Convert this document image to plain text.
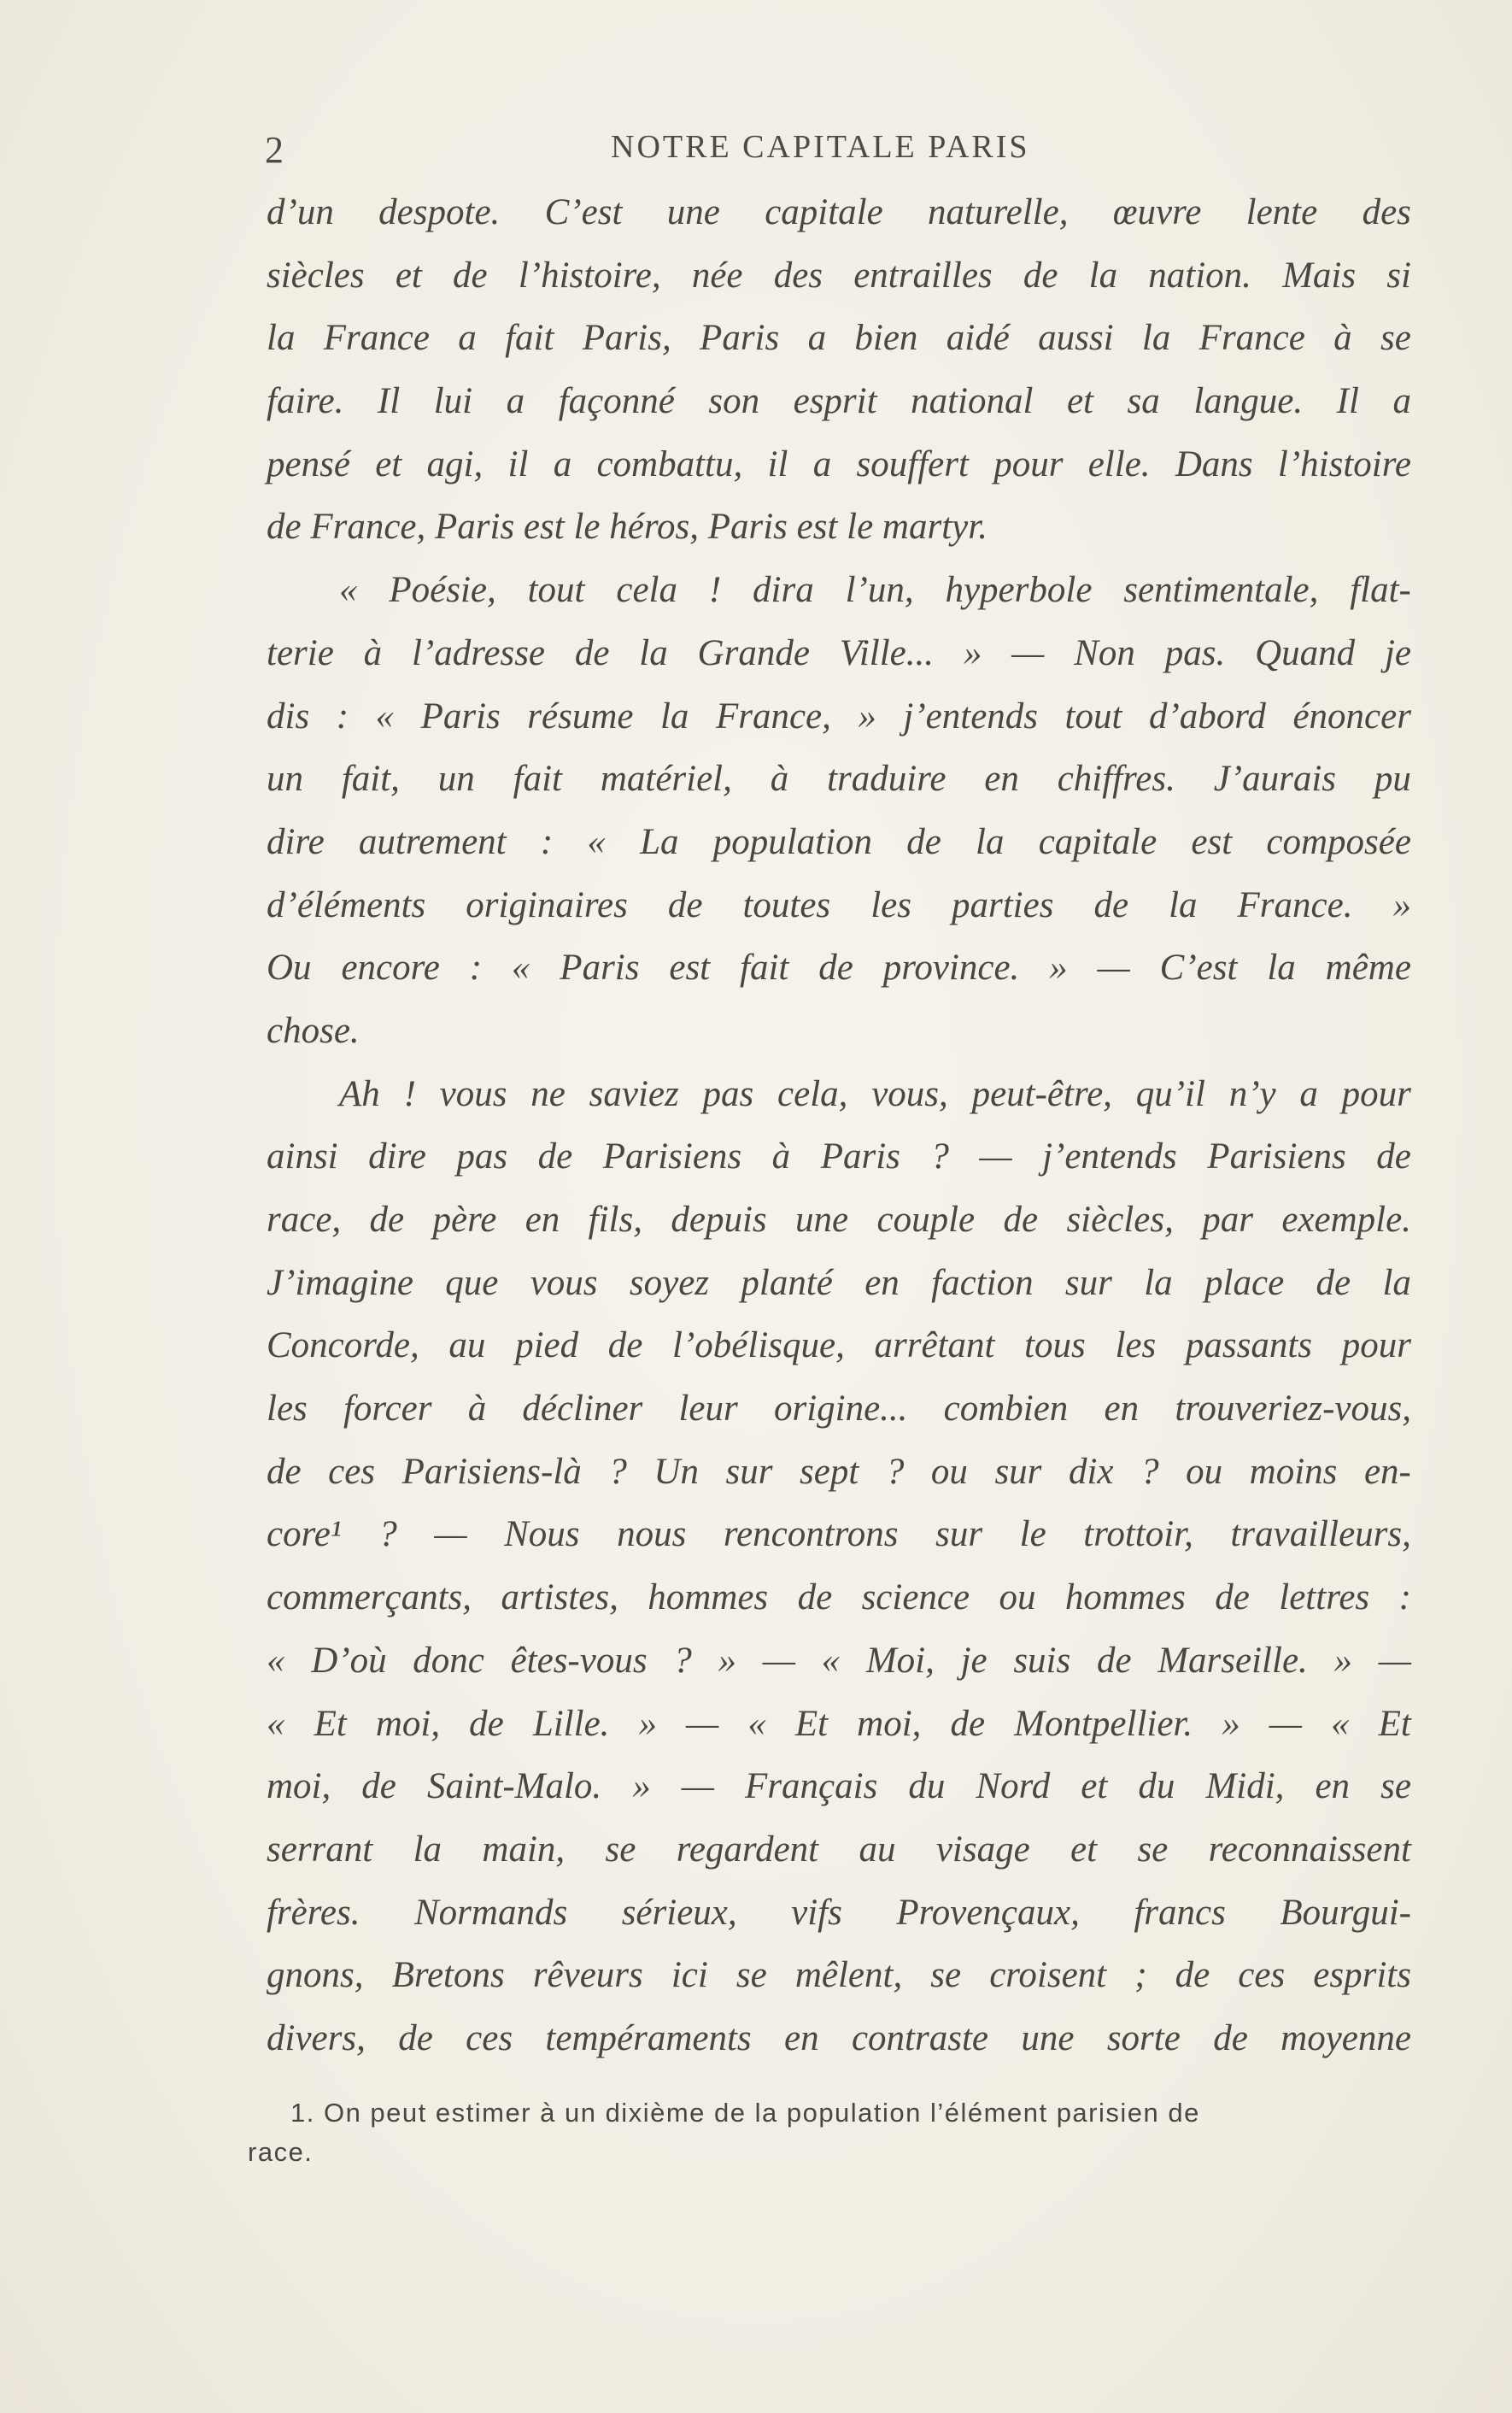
2	NOTRE CAPITALE PARIS
d’un despote. C’est une capitale naturelle, œuvre lente des
siècles et de l’histoire, née des entrailles de la nation. Mais si
la France a fait Paris, Paris a bien aidé aussi la France à se
faire. Il lui a façonné son esprit national et sa langue. Il a
pensé et agi, il a combattu, il a souffert pour elle. Dans l’histoire
de France, Paris est le héros, Paris est le martyr.
« Poésie, tout cela ! dira l’un, hyperbole sentimentale, flat-
terie à l’adresse de la Grande Ville... » — Non pas. Quand je
dis : « Paris résume la France, » j’entends tout d’abord énoncer
un fait, un fait matériel, à traduire en chiffres. J’aurais pu
dire autrement : « La population de la capitale est composée
d’éléments originaires de toutes les parties de la France. »
Ou encore : « Paris est fait de province. » — C’est la même
chose.
Ah ! vous ne saviez pas cela, vous, peut-être, qu’il n’y a pour
ainsi dire pas de Parisiens à Paris ? — j’entends Parisiens de
race, de père en fils, depuis une couple de siècles, par exemple.
J’imagine que vous soyez planté en faction sur la place de la
Concorde, au pied de l’obélisque, arrêtant tous les passants pour
les forcer à décliner leur origine... combien en trouveriez-vous,
de ces Parisiens-là ? Un sur sept ? ou sur dix ? ou moins en-
core¹ ? — Nous nous rencontrons sur le trottoir, travailleurs,
commerçants, artistes, hommes de science ou hommes de lettres :
« D’où donc êtes-vous ? » — « Moi, je suis de Marseille. » —
« Et moi, de Lille. » — « Et moi, de Montpellier. » — « Et
moi, de Saint-Malo. » — Français du Nord et du Midi, en se
serrant la main, se regardent au visage et se reconnaissent
frères. Normands sérieux, vifs Provençaux, francs Bourgui-
gnons, Bretons rêveurs ici se mêlent, se croisent ; de ces esprits
divers, de ces tempéraments en contraste une sorte de moyenne
1. On peut estimer à un dixième de la population l’élément parisien de
race.
